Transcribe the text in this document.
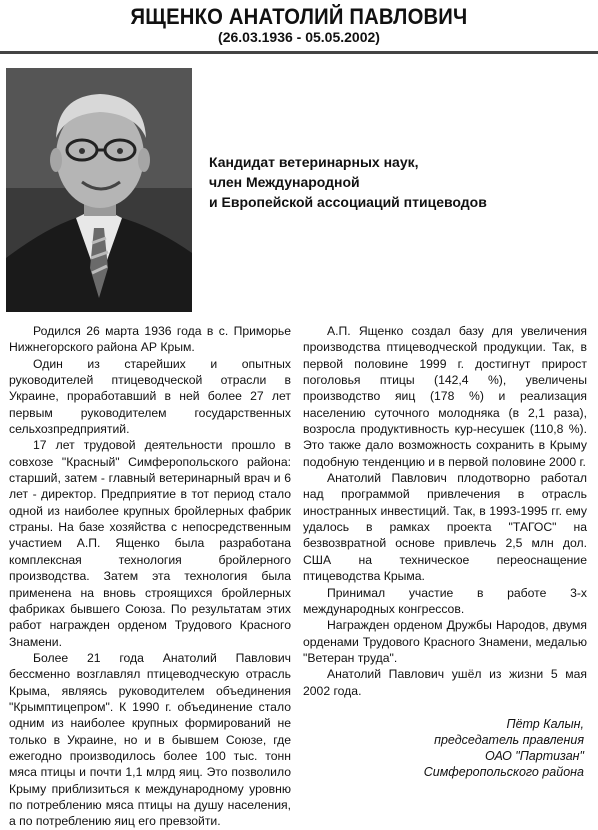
ЯЩЕНКО АНАТОЛИЙ ПАВЛОВИЧ
(26.03.1936 - 05.05.2002)
Кандидат ветеринарных наук,
член Международной
и Европейской ассоциаций птицеводов

Родился 26 марта 1936 года в с. Приморье Нижнегорского района АР Крым.

Один из старейших и опытных руководителей птицеводческой отрасли в Украине, проработавший в ней более 27 лет первым руководителем государственных сельхозпредприятий.

17 лет трудовой деятельности прошло в совхозе "Красный" Симферопольского района: старший, затем - главный ветеринарный врач и 6 лет - директор. Предприятие в тот период стало одной из наиболее крупных бройлерных фабрик страны. На базе хозяйства с непосредственным участием А.П. Ященко была разработана комплексная технология бройлерного производства. Затем эта технология была применена на вновь строящихся бройлерных фабриках бывшего Союза. По результатам этих работ награжден орденом Трудового Красного Знамени.

Более 21 года Анатолий Павлович бессменно возглавлял птицеводческую отрасль Крыма, являясь руководителем объединения "Крымптицепром". К 1990 г. объединение стало одним из наиболее крупных формирований не только в Украине, но и в бывшем Союзе, где ежегодно производилось более 100 тыс. тонн мяса птицы и почти 1,1 млрд яиц. Это позволило Крыму приблизиться к международному уровню по потреблению мяса птицы на душу населения, а по потреблению яиц его превзойти.

А.П. Ященко создал базу для увеличения производства птицеводческой продукции. Так, в первой половине 1999 г. достигнут прирост поголовья птицы (142,4 %), увеличены производство яиц (178 %) и реализация населению суточного молодняка (в 2,1 раза), возросла продуктивность кур-несушек (110,8 %). Это также дало возможность сохранить в Крыму подобную тенденцию и в первой половине 2000 г.

Анатолий Павлович плодотворно работал над программой привлечения в отрасль иностранных инвестиций. Так, в 1993-1995 гг. ему удалось в рамках проекта "ТАГОС" на безвозвратной основе привлечь 2,5 млн дол. США на техническое переоснащение птицеводства Крыма.

Принимал участие в работе 3-х международных конгрессов.

Награжден орденом Дружбы Народов, двумя орденами Трудового Красного Знамени, медалью "Ветеран труда".

Анатолий Павлович ушёл из жизни 5 мая 2002 года.

Пётр Калын,
председатель правления
ОАО "Партизан"
Симферопольского района
